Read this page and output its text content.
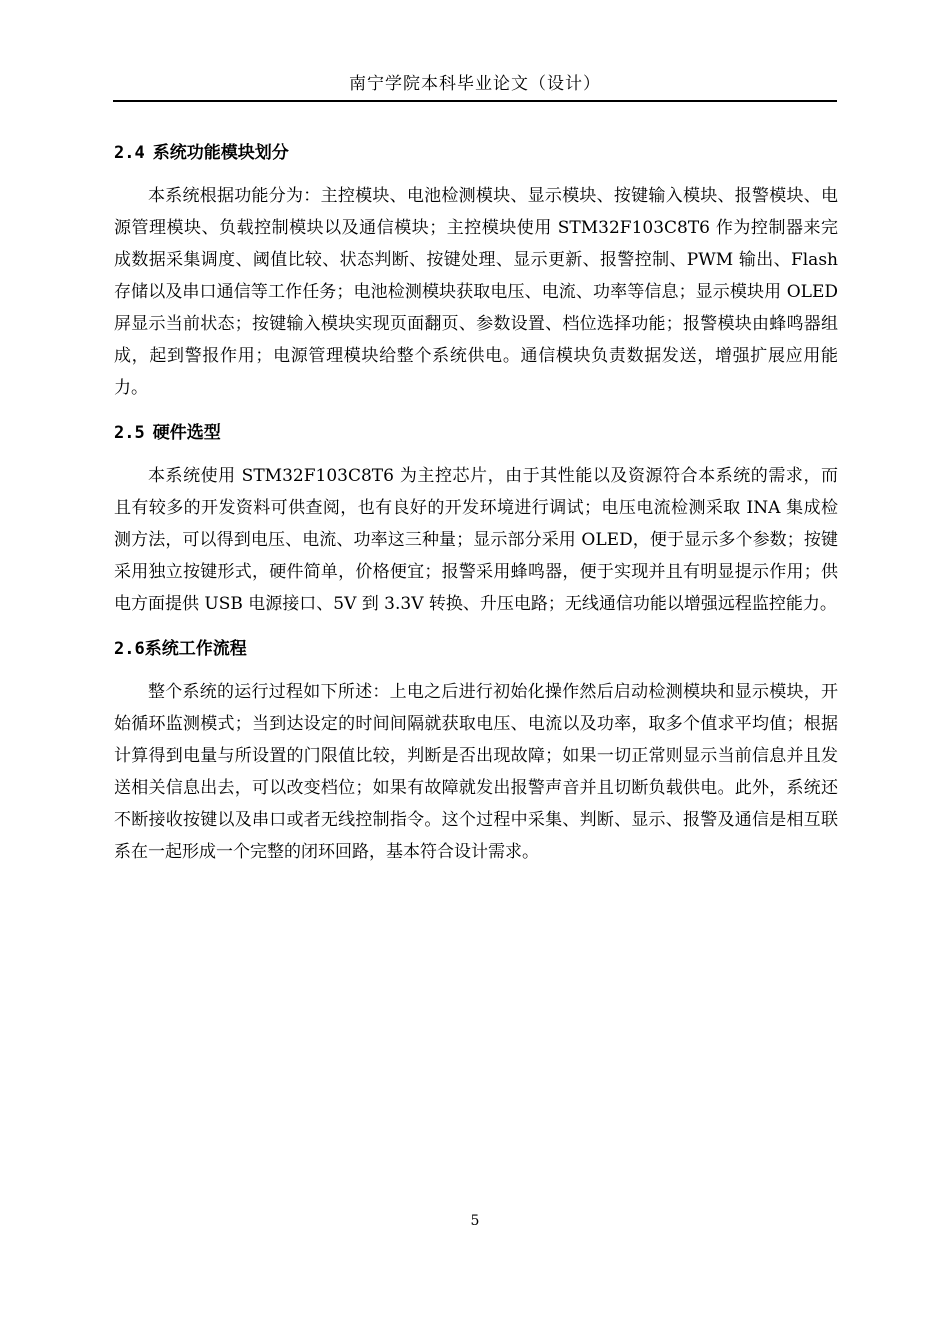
南宁学院本科毕业论文（设计）
2.4 系统功能模块划分

本系统根据功能分为：主控模块、电池检测模块、显示模块、按键输入模块、报警模块、电源管理模块、负载控制模块以及通信模块；主控模块使用 STM32F103C8T6 作为控制器来完成数据采集调度、阈值比较、状态判断、按键处理、显示更新、报警控制、PWM 输出、Flash 存储以及串口通信等工作任务；电池检测模块获取电压、电流、功率等信息；显示模块用 OLED 屏显示当前状态；按键输入模块实现页面翻页、参数设置、档位选择功能；报警模块由蜂鸣器组成，起到警报作用；电源管理模块给整个系统供电。通信模块负责数据发送，增强扩展应用能力。

2.5 硬件选型

本系统使用 STM32F103C8T6 为主控芯片，由于其性能以及资源符合本系统的需求，而且有较多的开发资料可供查阅，也有良好的开发环境进行调试；电压电流检测采取 INA 集成检测方法，可以得到电压、电流、功率这三种量；显示部分采用 OLED，便于显示多个参数；按键采用独立按键形式，硬件简单，价格便宜；报警采用蜂鸣器，便于实现并且有明显提示作用；供电方面提供 USB 电源接口、5V 到 3.3V 转换、升压电路；无线通信功能以增强远程监控能力。

2.6系统工作流程

整个系统的运行过程如下所述：上电之后进行初始化操作然后启动检测模块和显示模块，开始循环监测模式；当到达设定的时间间隔就获取电压、电流以及功率，取多个值求平均值；根据计算得到电量与所设置的门限值比较，判断是否出现故障；如果一切正常则显示当前信息并且发送相关信息出去，可以改变档位；如果有故障就发出报警声音并且切断负载供电。此外，系统还不断接收按键以及串口或者无线控制指令。这个过程中采集、判断、显示、报警及通信是相互联系在一起形成一个完整的闭环回路，基本符合设计需求。

5
